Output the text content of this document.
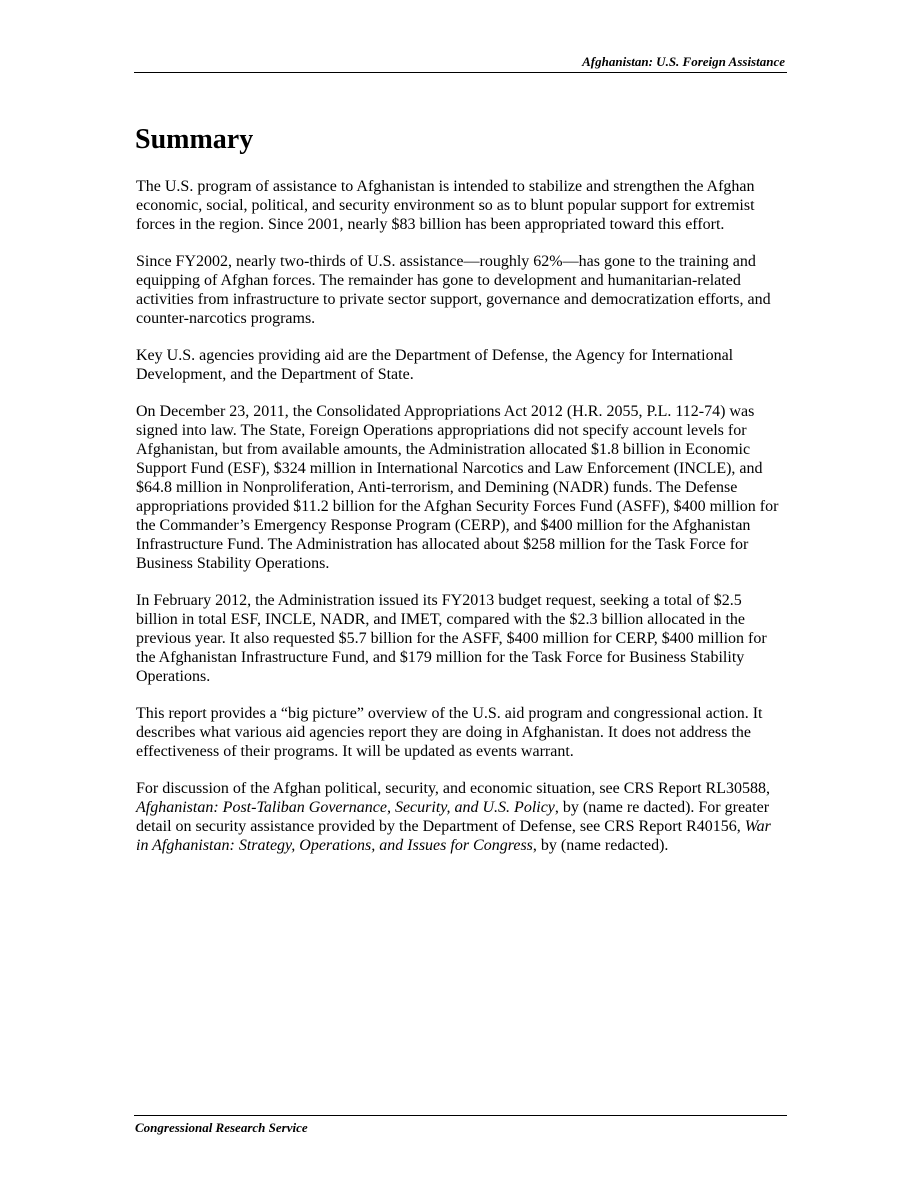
Afghanistan: U.S. Foreign Assistance
Summary

The U.S. program of assistance to Afghanistan is intended to stabilize and strengthen the Afghan economic, social, political, and security environment so as to blunt popular support for extremist forces in the region. Since 2001, nearly $83 billion has been appropriated toward this effort.

Since FY2002, nearly two-thirds of U.S. assistance—roughly 62%—has gone to the training and equipping of Afghan forces. The remainder has gone to development and humanitarian-related activities from infrastructure to private sector support, governance and democratization efforts, and counter-narcotics programs.

Key U.S. agencies providing aid are the Department of Defense, the Agency for International Development, and the Department of State.

On December 23, 2011, the Consolidated Appropriations Act 2012 (H.R. 2055, P.L. 112-74) was signed into law. The State, Foreign Operations appropriations did not specify account levels for Afghanistan, but from available amounts, the Administration allocated $1.8 billion in Economic Support Fund (ESF), $324 million in International Narcotics and Law Enforcement (INCLE), and $64.8 million in Nonproliferation, Anti-terrorism, and Demining (NADR) funds. The Defense appropriations provided $11.2 billion for the Afghan Security Forces Fund (ASFF), $400 million for the Commander’s Emergency Response Program (CERP), and $400 million for the Afghanistan Infrastructure Fund. The Administration has allocated about $258 million for the Task Force for Business Stability Operations.

In February 2012, the Administration issued its FY2013 budget request, seeking a total of $2.5 billion in total ESF, INCLE, NADR, and IMET, compared with the $2.3 billion allocated in the previous year. It also requested $5.7 billion for the ASFF, $400 million for CERP, $400 million for the Afghanistan Infrastructure Fund, and $179 million for the Task Force for Business Stability Operations.

This report provides a “big picture” overview of the U.S. aid program and congressional action. It describes what various aid agencies report they are doing in Afghanistan. It does not address the effectiveness of their programs. It will be updated as events warrant.

For discussion of the Afghan political, security, and economic situation, see CRS Report RL30588, Afghanistan: Post-Taliban Governance, Security, and U.S. Policy, by (name re dacted). For greater detail on security assistance provided by the Department of Defense, see CRS Report R40156, War in Afghanistan: Strategy, Operations, and Issues for Congress, by (name redacted).

Congressional Research Service
